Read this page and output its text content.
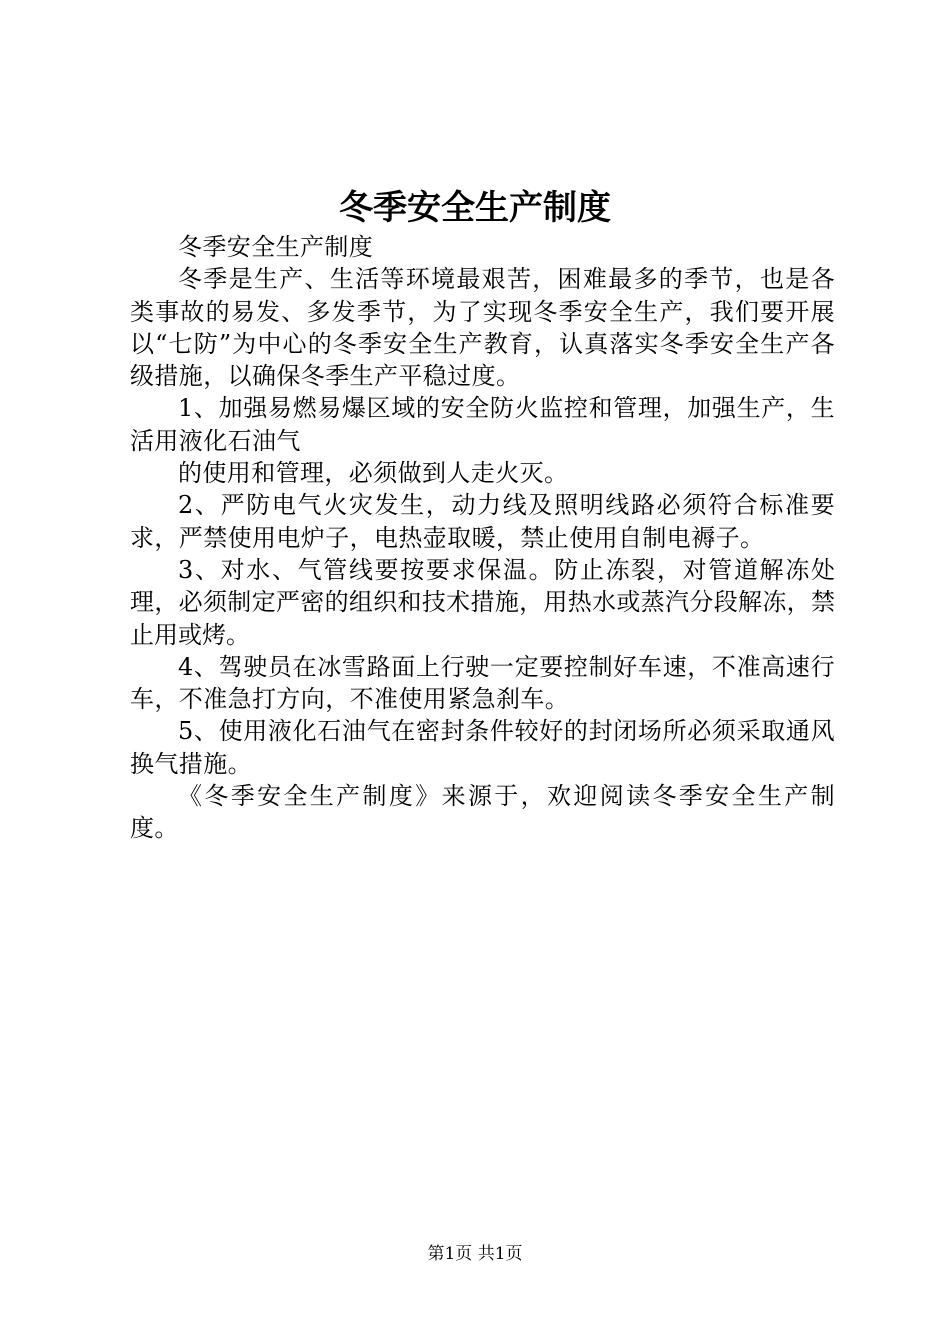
冬季安全生产制度

冬季安全生产制度

冬季是生产、生活等环境最艰苦，困难最多的季节，也是各类事故的易发、多发季节，为了实现冬季安全生产，我们要开展以“七防”为中心的冬季安全生产教育，认真落实冬季安全生产各级措施，以确保冬季生产平稳过度。

1、加强易燃易爆区域的安全防火监控和管理，加强生产，生活用液化石油气

的使用和管理，必须做到人走火灭。

2、严防电气火灾发生，动力线及照明线路必须符合标准要求，严禁使用电炉子，电热壶取暖，禁止使用自制电褥子。

3、对水、气管线要按要求保温。防止冻裂，对管道解冻处理，必须制定严密的组织和技术措施，用热水或蒸汽分段解冻，禁止用或烤。

4、驾驶员在冰雪路面上行驶一定要控制好车速，不准高速行车，不准急打方向，不准使用紧急刹车。

5、使用液化石油气在密封条件较好的封闭场所必须采取通风换气措施。

《冬季安全生产制度》来源于，欢迎阅读冬季安全生产制度。

第1页 共1页
